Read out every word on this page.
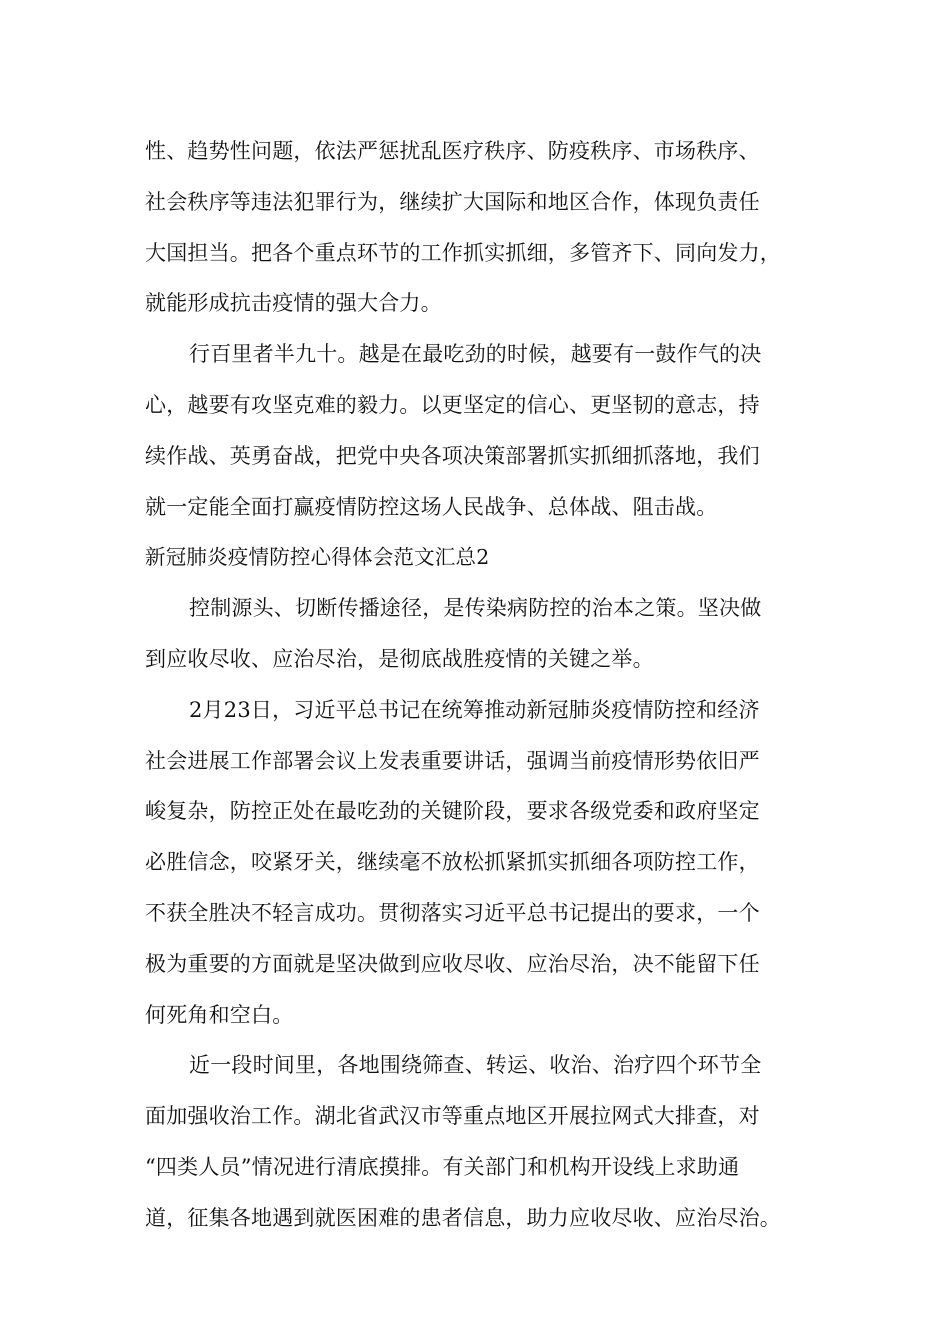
性、趋势性问题，依法严惩扰乱医疗秩序、防疫秩序、市场秩序、
社会秩序等违法犯罪行为，继续扩大国际和地区合作，体现负责任
大国担当。把各个重点环节的工作抓实抓细，多管齐下、同向发力，
就能形成抗击疫情的强大合力。
行百里者半九十。越是在最吃劲的时候，越要有一鼓作气的决
心，越要有攻坚克难的毅力。以更坚定的信心、更坚韧的意志，持
续作战、英勇奋战，把党中央各项决策部署抓实抓细抓落地，我们
就一定能全面打赢疫情防控这场人民战争、总体战、阻击战。
新冠肺炎疫情防控心得体会范文汇总2
控制源头、切断传播途径，是传染病防控的治本之策。坚决做
到应收尽收、应治尽治，是彻底战胜疫情的关键之举。
2月23日，习近平总书记在统筹推动新冠肺炎疫情防控和经济
社会进展工作部署会议上发表重要讲话，强调当前疫情形势依旧严
峻复杂，防控正处在最吃劲的关键阶段，要求各级党委和政府坚定
必胜信念，咬紧牙关，继续毫不放松抓紧抓实抓细各项防控工作，
不获全胜决不轻言成功。贯彻落实习近平总书记提出的要求，一个
极为重要的方面就是坚决做到应收尽收、应治尽治，决不能留下任
何死角和空白。
近一段时间里，各地围绕筛查、转运、收治、治疗四个环节全
面加强收治工作。湖北省武汉市等重点地区开展拉网式大排查，对
“四类人员”情况进行清底摸排。有关部门和机构开设线上求助通
道，征集各地遇到就医困难的患者信息，助力应收尽收、应治尽治。
